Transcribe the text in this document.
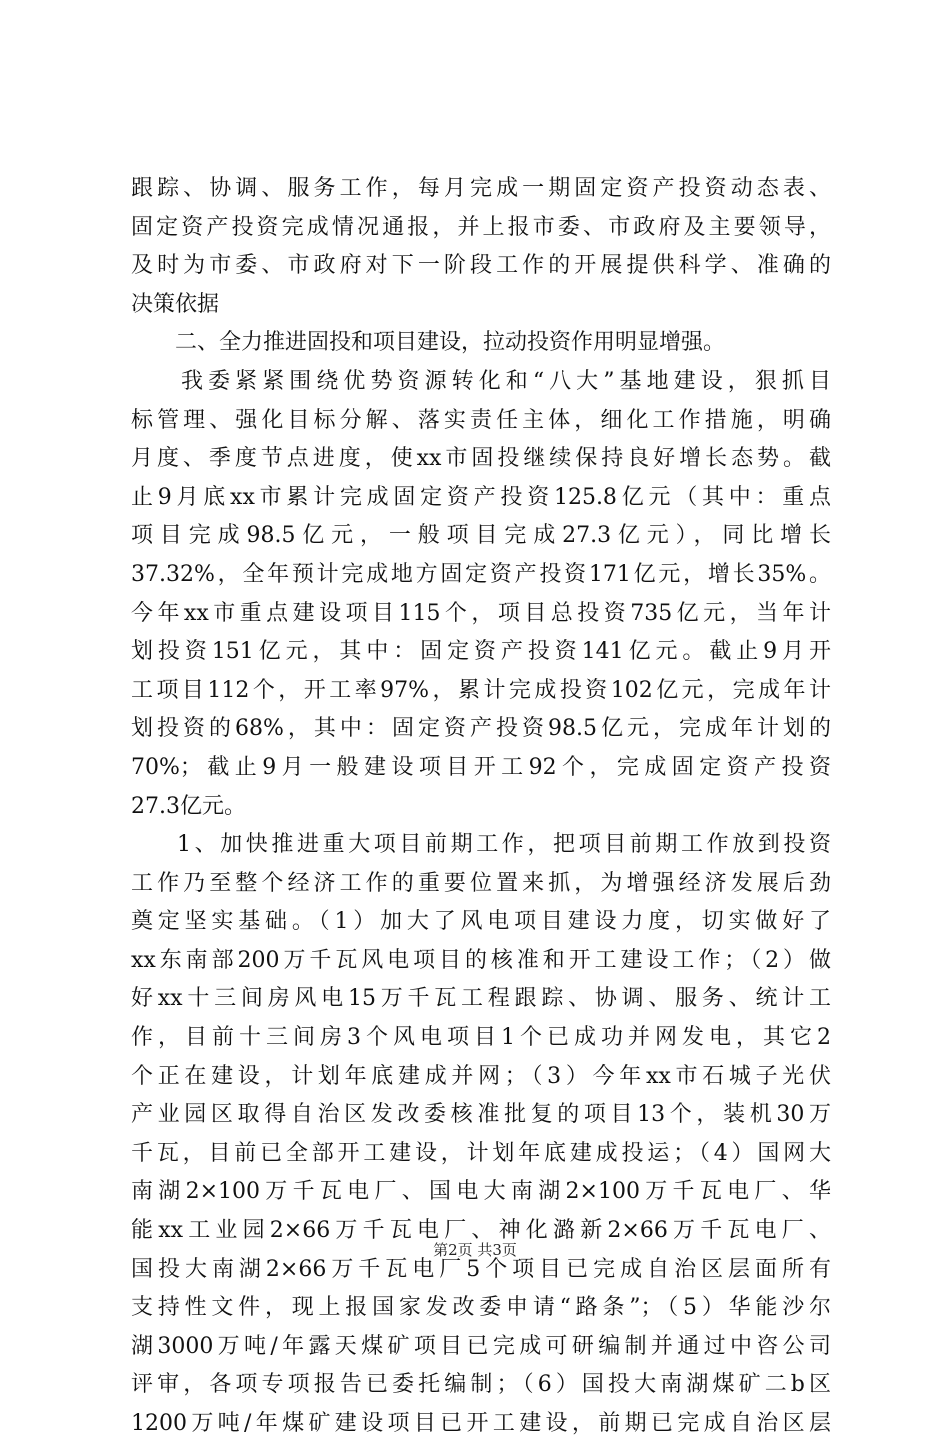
跟踪、协调、服务工作，每月完成一期固定资产投资动态表、
固定资产投资完成情况通报，并上报市委、市政府及主要领导，
及时为市委、市政府对下一阶段工作的开展提供科学、准确的
决策依据
二、全力推进固投和项目建设，拉动投资作用明显增强。
我委紧紧围绕优势资源转化和“八大”基地建设，狠抓目
标管理、强化目标分解、落实责任主体，细化工作措施，明确
月度、季度节点进度，使xx市固投继续保持良好增长态势。截
止9月底xx市累计完成固定资产投资125.8亿元（其中：重点
项目完成98.5亿元，一般项目完成27.3亿元），同比增长
37.32%，全年预计完成地方固定资产投资171亿元，增长35%。
今年xx市重点建设项目115个，项目总投资735亿元，当年计
划投资151亿元，其中：固定资产投资141亿元。截止9月开
工项目112个，开工率97%，累计完成投资102亿元，完成年计
划投资的68%，其中：固定资产投资98.5亿元，完成年计划的
70%；截止9月一般建设项目开工92个，完成固定资产投资
27.3亿元。
1、加快推进重大项目前期工作，把项目前期工作放到投资
工作乃至整个经济工作的重要位置来抓，为增强经济发展后劲
奠定坚实基础。（1）加大了风电项目建设力度，切实做好了
xx东南部200万千瓦风电项目的核准和开工建设工作；（2）做
好xx十三间房风电15万千瓦工程跟踪、协调、服务、统计工
作，目前十三间房3个风电项目1个已成功并网发电，其它2
个正在建设，计划年底建成并网；（3）今年xx市石城子光伏
产业园区取得自治区发改委核准批复的项目13个，装机30万
千瓦，目前已全部开工建设，计划年底建成投运；（4）国网大
南湖2×100万千瓦电厂、国电大南湖2×100万千瓦电厂、华
能xx工业园2×66万千瓦电厂、神化潞新2×66万千瓦电厂、
国投大南湖2×66万千瓦电厂5个项目已完成自治区层面所有
支持性文件，现上报国家发改委申请“路条”；（5）华能沙尔
湖3000万吨/年露天煤矿项目已完成可研编制并通过中咨公司
评审，各项专项报告已委托编制；（6）国投大南湖煤矿二b区
1200万吨/年煤矿建设项目已开工建设，前期已完成自治区层
第2页 共3页
